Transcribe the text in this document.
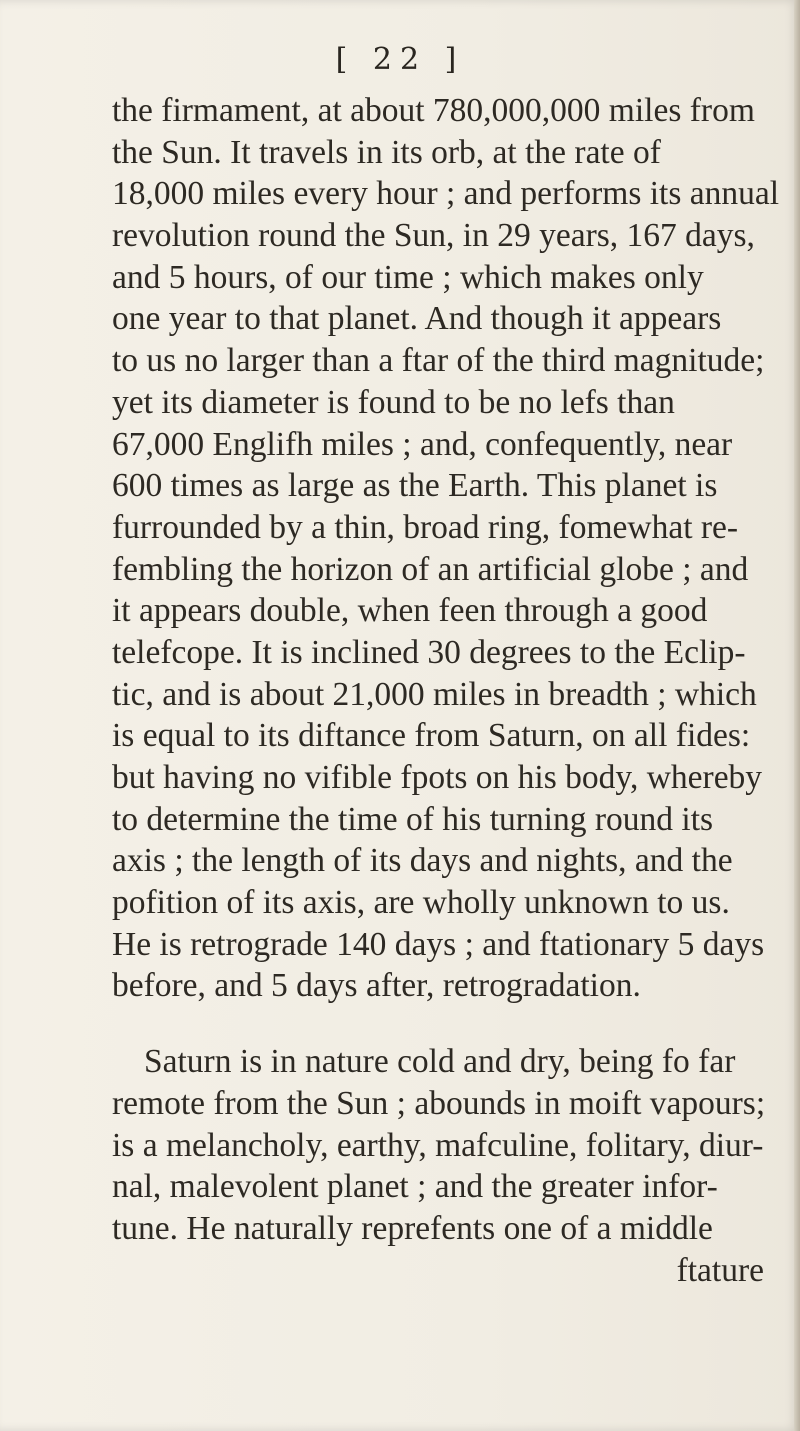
[ 22 ]
the firmament, at about 780,000,000 miles from
the Sun. It travels in its orb, at the rate of
18,000 miles every hour ; and performs its annual
revolution round the Sun, in 29 years, 167 days,
and 5 hours, of our time ; which makes only
one year to that planet. And though it appears
to us no larger than a ftar of the third magnitude;
yet its diameter is found to be no lefs than
67,000 Englifh miles ; and, confequently, near
600 times as large as the Earth. This planet is
furrounded by a thin, broad ring, fomewhat re-
fembling the horizon of an artificial globe ; and
it appears double, when feen through a good
telefcope. It is inclined 30 degrees to the Eclip-
tic, and is about 21,000 miles in breadth ; which
is equal to its diftance from Saturn, on all fides:
but having no vifible fpots on his body, whereby
to determine the time of his turning round its
axis ; the length of its days and nights, and the
pofition of its axis, are wholly unknown to us.
He is retrograde 140 days ; and ftationary 5 days
before, and 5 days after, retrogradation.
Saturn is in nature cold and dry, being fo far
remote from the Sun ; abounds in moift vapours;
is a melancholy, earthy, mafculine, folitary, diur-
nal, malevolent planet ; and the greater infor-
tune. He naturally reprefents one of a middle
ftature
